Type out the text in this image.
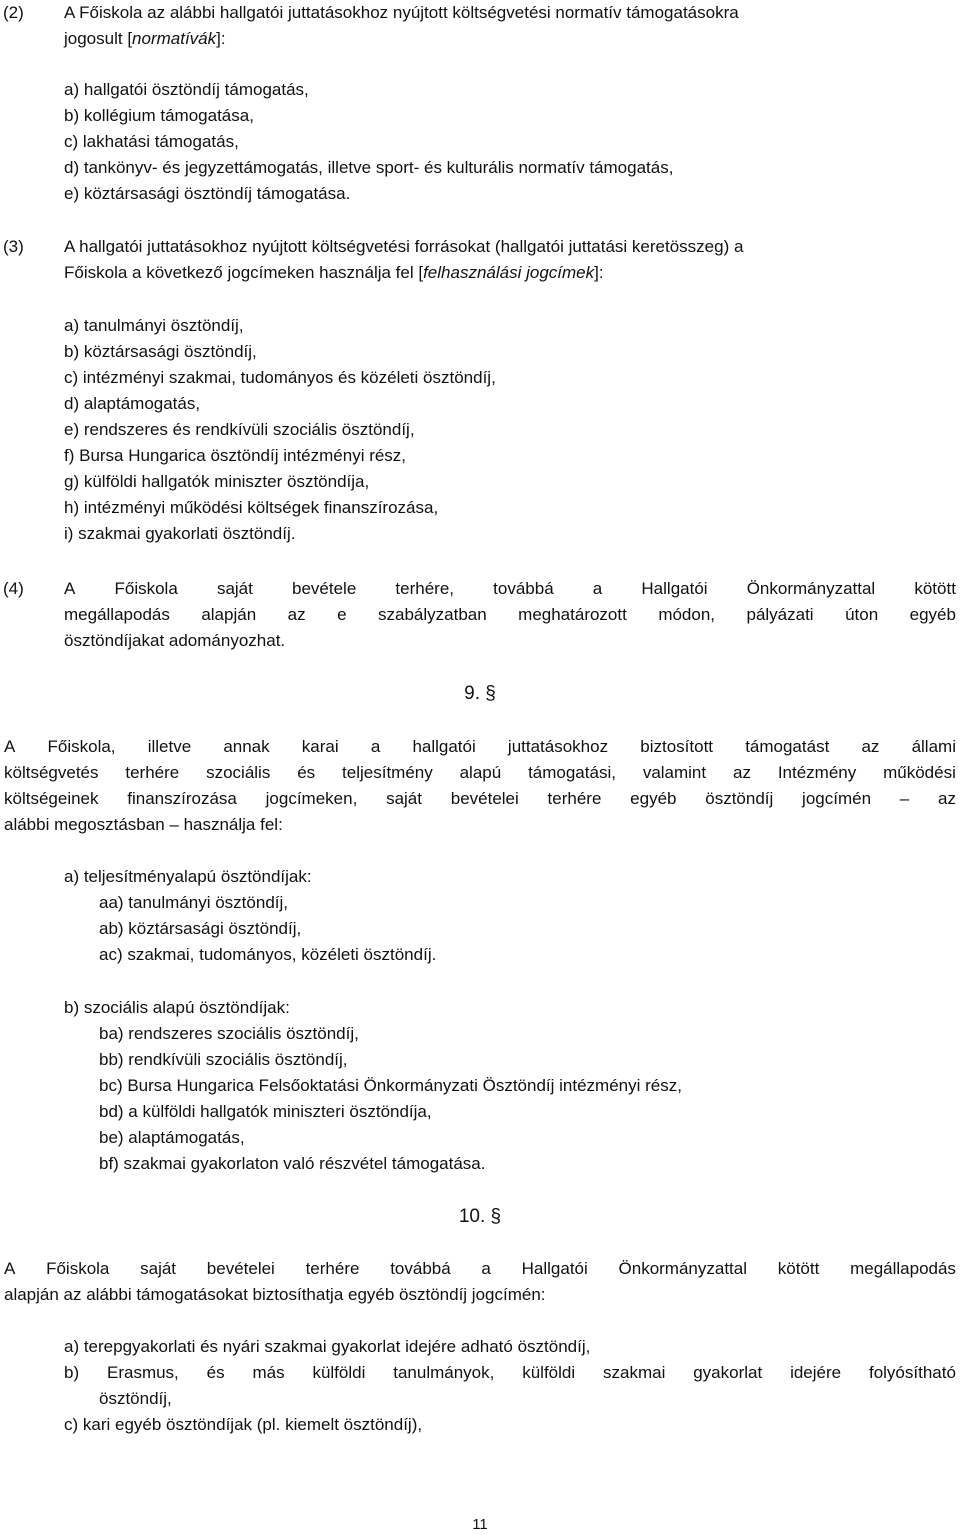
(2) A Főiskola az alábbi hallgatói juttatásokhoz nyújtott költségvetési normatív támogatásokra
jogosult [normatívák]:
a) hallgatói ösztöndíj támogatás,
b) kollégium támogatása,
c) lakhatási támogatás,
d) tankönyv- és jegyzettámogatás, illetve sport- és kulturális normatív támogatás,
e) köztársasági ösztöndíj támogatása.
(3) A hallgatói juttatásokhoz nyújtott költségvetési forrásokat (hallgatói juttatási keretösszeg) a
Főiskola a következő jogcímeken használja fel [felhasználási jogcímek]:
a) tanulmányi ösztöndíj,
b) köztársasági ösztöndíj,
c) intézményi szakmai, tudományos és közéleti ösztöndíj,
d) alaptámogatás,
e) rendszeres és rendkívüli szociális ösztöndíj,
f) Bursa Hungarica ösztöndíj intézményi rész,
g) külföldi hallgatók miniszter ösztöndíja,
h) intézményi működési költségek finanszírozása,
i) szakmai gyakorlati ösztöndíj.
(4) A Főiskola saját bevétele terhére, továbbá a Hallgatói Önkormányzattal kötött
megállapodás alapján az e szabályzatban meghatározott módon, pályázati úton egyéb
ösztöndíjakat adományozhat.
9. §
A Főiskola, illetve annak karai a hallgatói juttatásokhoz biztosított támogatást az állami
költségvetés terhére szociális és teljesítmény alapú támogatási, valamint az Intézmény működési
költségeinek finanszírozása jogcímeken, saját bevételei terhére egyéb ösztöndíj jogcímén – az
alábbi megosztásban – használja fel:
a) teljesítményalapú ösztöndíjak:
aa) tanulmányi ösztöndíj,
ab) köztársasági ösztöndíj,
ac) szakmai, tudományos, közéleti ösztöndíj.
b) szociális alapú ösztöndíjak:
ba) rendszeres szociális ösztöndíj,
bb) rendkívüli szociális ösztöndíj,
bc) Bursa Hungarica Felsőoktatási Önkormányzati Ösztöndíj intézményi rész,
bd) a külföldi hallgatók miniszteri ösztöndíja,
be) alaptámogatás,
bf) szakmai gyakorlaton való részvétel támogatása.
10. §
A Főiskola saját bevételei terhére továbbá a Hallgatói Önkormányzattal kötött megállapodás
alapján az alábbi támogatásokat biztosíthatja egyéb ösztöndíj jogcímén:
a) terepgyakorlati és nyári szakmai gyakorlat idejére adható ösztöndíj,
b) Erasmus, és más külföldi tanulmányok, külföldi szakmai gyakorlat idejére folyósítható
ösztöndíj,
c) kari egyéb ösztöndíjak (pl. kiemelt ösztöndíj),
11
